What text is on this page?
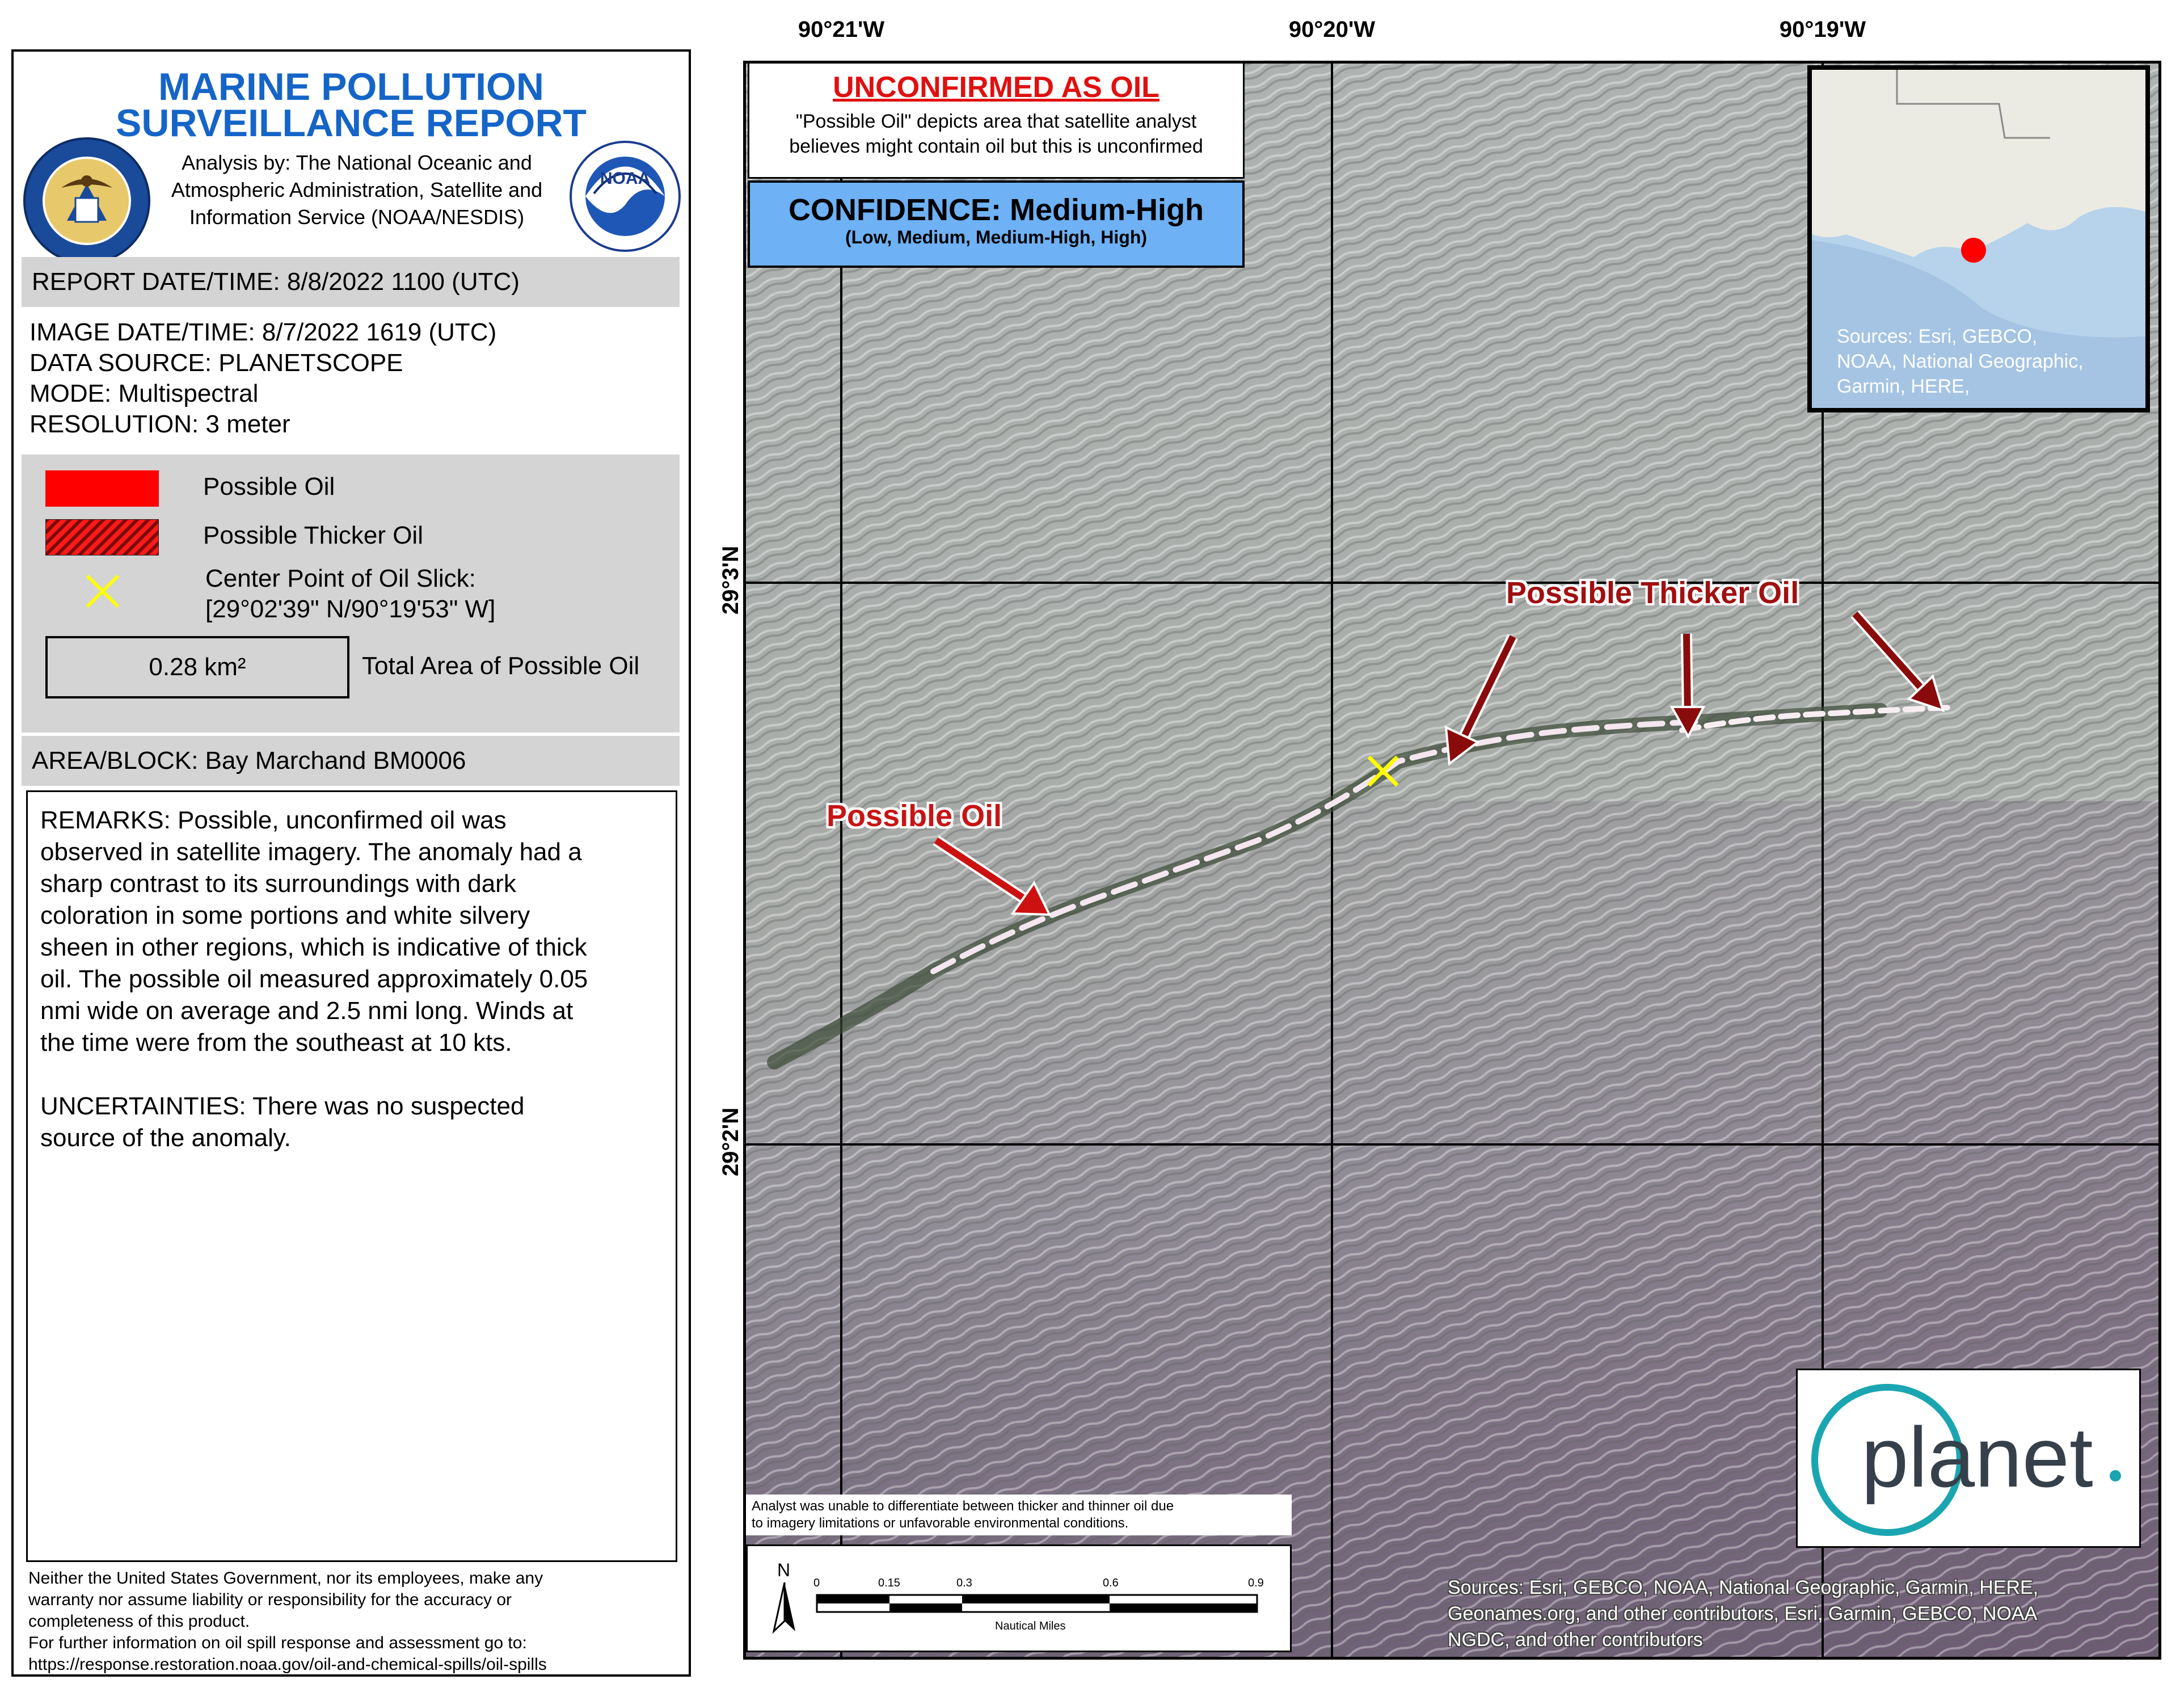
MARINE POLLUTION
SURVEILLANCE REPORT
Analysis by: The National Oceanic and
Atmospheric Administration, Satellite and
Information Service (NOAA/NESDIS)
NOAA
REPORT DATE/TIME: 8/8/2022 1100 (UTC)
IMAGE DATE/TIME: 8/7/2022 1619 (UTC)
DATA SOURCE: PLANETSCOPE
MODE: Multispectral
RESOLUTION: 3 meter
Possible Oil
Possible Thicker Oil
Center Point of Oil Slick:
[29°02'39" N/90°19'53" W]
0.28 km²	Total Area of Possible Oil
AREA/BLOCK: Bay Marchand BM0006

REMARKS: Possible, unconfirmed oil was

observed in satellite imagery. The anomaly had a

sharp contrast to its surroundings with dark

coloration in some portions and white silvery

sheen in other regions, which is indicative of thick

oil. The possible oil measured approximately 0.05

nmi wide on average and 2.5 nmi long. Winds at

the time were from the southeast at 10 kts.

UNCERTAINTIES: There was no suspected

source of the anomaly.

Neither the United States Government, nor its employees, make any
warranty nor assume liability or responsibility for the accuracy or
completeness of this product.
For further information on oil spill response and assessment go to:
https://response.restoration.noaa.gov/oil-and-chemical-spills/oil-spills
90°21'W	90°20'W	90°19'W
29°3'N
29°2'N
Possible Oil
Possible Thicker Oil
UNCONFIRMED AS OIL
"Possible Oil" depicts area that satellite analyst
believes might contain oil but this is unconfirmed
CONFIDENCE: Medium-High
(Low, Medium, Medium-High, High)
Sources: Esri, GEBCO,
NOAA, National Geographic,
Garmin, HERE,
planet
Analyst was unable to differentiate between thicker and thinner oil due
to imagery limitations or unfavorable environmental conditions.
N
0	0.15	0.3	0.6	0.9
Nautical Miles
Sources: Esri, GEBCO, NOAA, National Geographic, Garmin, HERE,
Geonames.org, and other contributors, Esri, Garmin, GEBCO, NOAA
NGDC, and other contributors
